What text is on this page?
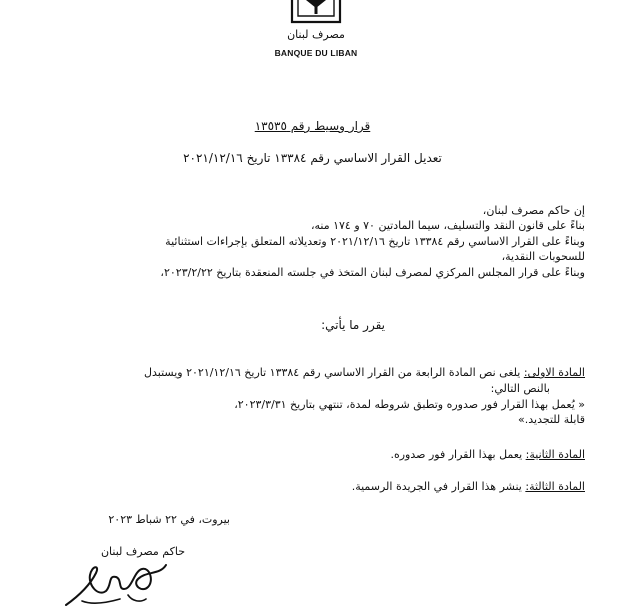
مصرف لبنان
BANQUE DU LIBAN
قرار وسيط رقم ١٣٥٣٥
تعديل القرار الاساسي رقم ١٣٣٨٤ تاريخ ٢٠٢١/١٢/١٦
إن حاكم مصرف لبنان،
بناءً على قانون النقد والتسليف، سيما المادتين ٧٠ و ١٧٤ منه،
وبناءً على القرار الاساسي رقم ١٣٣٨٤ تاريخ ٢٠٢١/١٢/١٦ وتعديلاته المتعلق بإجراءات استثنائية
للسحوبات النقدية،
وبناءً على قرار المجلس المركزي لمصرف لبنان المتخذ في جلسته المنعقدة بتاريخ ٢٠٢٣/٢/٢٢،
يقرر ما يأتي:
المادة الاولى: يلغى نص المادة الرابعة من القرار الاساسي رقم ١٣٣٨٤ تاريخ ٢٠٢١/١٢/١٦ ويستبدل
بالنص التالي:
« يُعمل بهذا القرار فور صدوره وتطبق شروطه لمدة، تنتهي بتاريخ ٢٠٢٣/٣/٣١،
قابلة للتجديد.»
المادة الثانية: يعمل بهذا القرار فور صدوره.
المادة الثالثة: ينشر هذا القرار في الجريدة الرسمية.
بيروت، في ٢٢ شباط ٢٠٢٣
حاكم مصرف لبنان
